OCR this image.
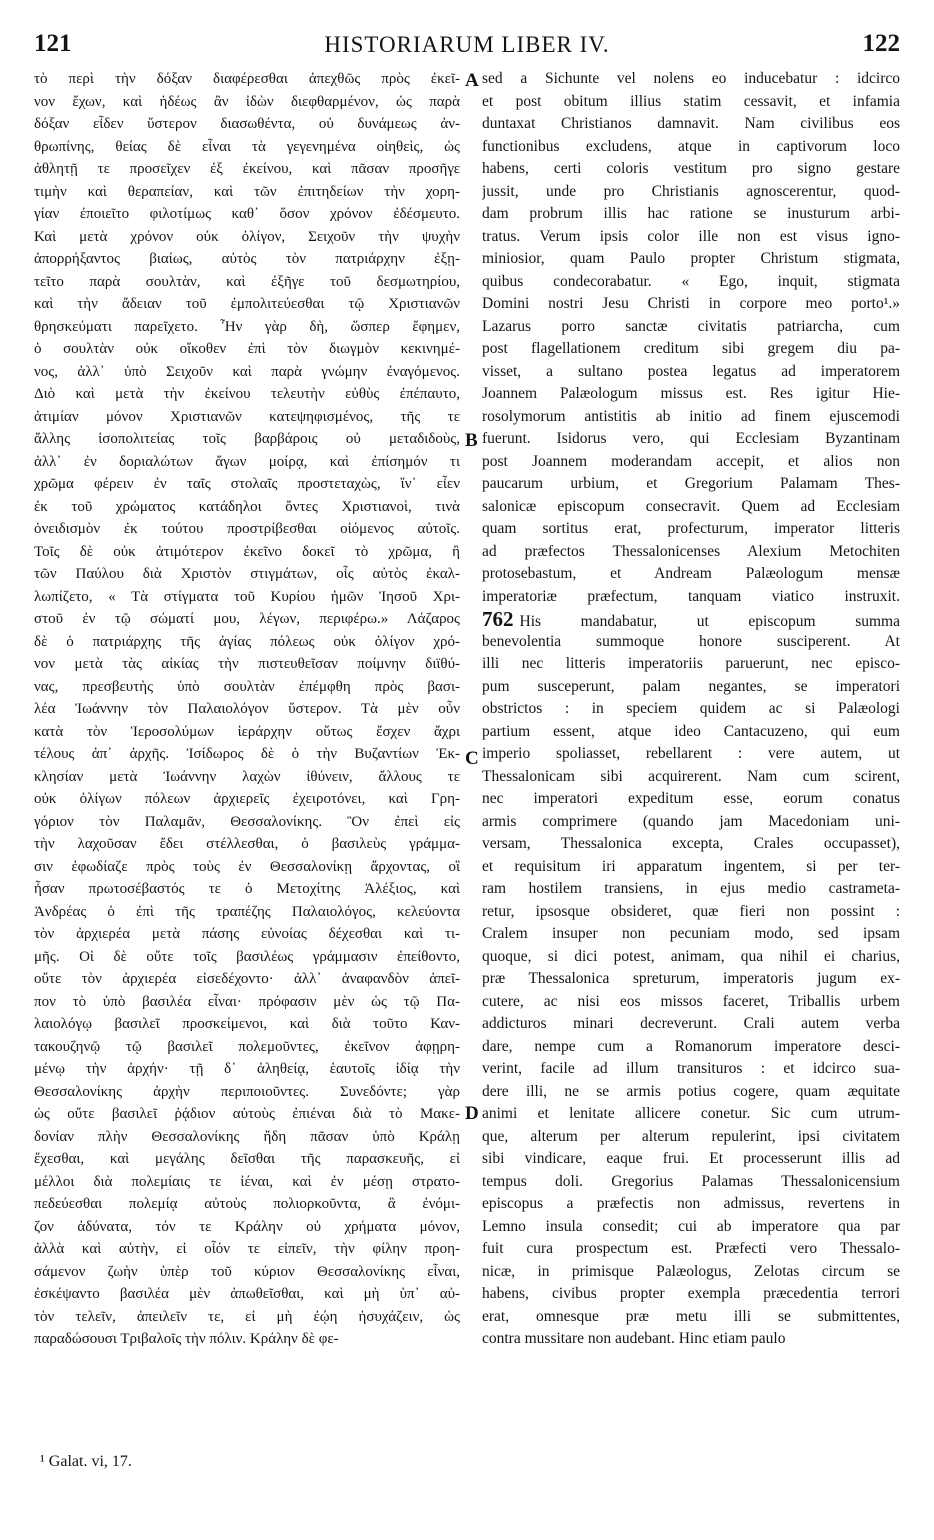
121	HISTORIARUM LIBER IV.	122
τὸ περὶ τὴν δόξαν διαφέρεσθαι ἀπεχθῶς πρὸς ἐκεῖ-
νον ἔχων, καὶ ἡδέως ἂν ἰδὼν διεφθαρμένον, ὡς παρὰ
δόξαν εἶδεν ὕστερον διασωθέντα, οὐ δυνάμεως ἀν-
θρωπίνης, θείας δὲ εἶναι τὰ γεγενημένα οἰηθεὶς, ὡς
ἀθλητῇ τε προσεῖχεν ἐξ ἐκείνου, καὶ πᾶσαν προσῆγε
τιμὴν καὶ θεραπείαν, καὶ τῶν ἐπιτηδείων τὴν χορη-
γίαν ἐποιεῖτο φιλοτίμως καθ᾽ ὅσον χρόνον ἐδέσμευτο.
Καὶ μετὰ χρόνον οὐκ ὀλίγον, Σειχοῦν τὴν ψυχὴν
ἀπορρήξαντος βιαίως, αὐτὸς τὸν πατριάρχην ἐξῃ-
τεῖτο παρὰ σουλτὰν, καὶ ἐξῆγε τοῦ δεσμωτηρίου,
καὶ τὴν ἄδειαν τοῦ ἐμπολιτεύεσθαι τῷ Χριστιανῶν
θρησκεύματι παρεῖχετο. Ἦν γὰρ δὴ, ὥσπερ ἔφημεν,
ὁ σουλτὰν οὐκ οἴκοθεν ἐπὶ τὸν διωγμὸν κεκινημέ-
νος, ἀλλ᾽ ὑπὸ Σειχοῦν καὶ παρὰ γνώμην ἐναγόμενος.
Διὸ καὶ μετὰ τὴν ἐκείνου τελευτὴν εὐθὺς ἐπέπαυτο,
ἀτιμίαν μόνον Χριστιανῶν κατεψηφισμένος, τῆς τε
ἄλλης ἰσοπολιτείας τοῖς βαρβάροις οὐ μεταδιδοὺς,
ἀλλ᾽ ἐν δοριαλώτων ἄγων μοίρᾳ, καὶ ἐπίσημόν τι
χρῶμα φέρειν ἐν ταῖς στολαῖς προστεταχὼς, ἵν᾽ εἶεν
ἐκ τοῦ χρώματος κατάδηλοι ὄντες Χριστιανοὶ, τινὰ
ὀνειδισμὸν ἐκ τούτου προστρίβεσθαι οἰόμενος αὐτοῖς.
Τοῖς δὲ οὐκ ἀτιμότερον ἐκεῖνο δοκεῖ τὸ χρῶμα, ἢ
τῶν Παύλου διὰ Χριστὸν στιγμάτων, οἷς αὐτὸς ἐκαλ-
λωπίζετο, « Τὰ στίγματα τοῦ Κυρίου ἡμῶν Ἰησοῦ Χρι-
στοῦ ἐν τῷ σώματί μου, λέγων, περιφέρω.» Λάζαρος
δὲ ὁ πατριάρχης τῆς ἁγίας πόλεως οὐκ ὀλίγον χρό-
νον μετὰ τὰς αἰκίας τὴν πιστευθεῖσαν ποίμνην διϊθύ-
νας, πρεσβευτὴς ὑπὸ σουλτὰν ἐπέμφθη πρὸς βασι-
λέα Ἰωάννην τὸν Παλαιολόγον ὕστερον. Τὰ μὲν οὖν
κατὰ τὸν Ἱεροσολύμων ἱεράρχην οὕτως ἔσχεν ἄχρι
τέλους ἀπ᾽ ἀρχῆς. Ἰσίδωρος δὲ ὁ τὴν Βυζαντίων Ἐκ-
κλησίαν μετὰ Ἰωάννην λαχὼν ἰθύνειν, ἄλλους τε
οὐκ ὀλίγων πόλεων ἀρχιερεῖς ἐχειροτόνει, καὶ Γρη-
γόριον τὸν Παλαμᾶν, Θεσσαλονίκης. Ὃν ἐπεὶ εἰς
τὴν λαχοῦσαν ἔδει στέλλεσθαι, ὁ βασιλεὺς γράμμα-
σιν ἐφωδίαζε πρὸς τοὺς ἐν Θεσσαλονίκῃ ἄρχοντας, οἳ
ἦσαν πρωτοσέβαστός τε ὁ Μετοχίτης Ἀλέξιος, καὶ
Ἀνδρέας ὁ ἐπὶ τῆς τραπέζης Παλαιολόγος, κελεύοντα
τὸν ἀρχιερέα μετὰ πάσης εὐνοίας δέχεσθαι καὶ τι-
μῆς. Οἱ δὲ οὔτε τοῖς βασιλέως γράμμασιν ἐπείθοντο,
οὔτε τὸν ἀρχιερέα εἰσεδέχοντο· ἀλλ᾽ ἀναφανδὸν ἀπεῖ-
πον τὸ ὑπὸ βασιλέα εἶναι· πρόφασιν μὲν ὡς τῷ Πα-
λαιολόγῳ βασιλεῖ προσκείμενοι, καὶ διὰ τοῦτο Καν-
τακουζηνῷ τῷ βασιλεῖ πολεμοῦντες, ἐκεῖνον ἀφῃρη-
μένῳ τὴν ἀρχήν· τῇ δ᾽ ἀληθείᾳ, ἑαυτοῖς ἰδίᾳ τὴν
Θεσσαλονίκης ἀρχὴν περιποιοῦντες. Συνεδόντε; γὰρ
ὡς οὔτε βασιλεῖ ῥᾴδιον αὐτοὺς ἐπιέναι διὰ τὸ Μακε-
δονίαν πλὴν Θεσσαλονίκης ἤδη πᾶσαν ὑπὸ Κράλῃ
ἔχεσθαι, καὶ μεγάλης δεῖσθαι τῆς παρασκευῆς, εἰ
μέλλοι διὰ πολεμίαις τε ἰέναι, καὶ ἐν μέσῃ στρατο-
πεδεύεσθαι πολεμίᾳ αὐτοὺς πολιορκοῦντα, ἃ ἐνόμι-
ζον ἀδύνατα, τόν τε Κράλην οὐ χρήματα μόνον,
ἀλλὰ καὶ αὐτὴν, εἰ οἷόν τε εἰπεῖν, τὴν φίλην προη-
σάμενον ζωὴν ὑπὲρ τοῦ κύριον Θεσσαλονίκης εἶναι,
ἐσκέψαντο βασιλέα μὲν ἀπωθεῖσθαι, καὶ μὴ ὑπ᾽ αὐ-
τὸν τελεῖν, ἀπειλεῖν τε, εἰ μὴ ἐῴη ἡσυχάζειν, ὡς
παραδώσουσι Τριβαλοῖς τὴν πόλιν. Κράλην δὲ φε-
A
B
C
D
sed a Sichunte vel nolens eo inducebatur : idcirco
et post obitum illius statim cessavit, et infamia
duntaxat Christianos damnavit. Nam civilibus eos
functionibus excludens, atque in captivorum loco
habens, certi coloris vestitum pro signo gestare
jussit, unde pro Christianis agnoscerentur, quod-
dam probrum illis hac ratione se inusturum arbi-
tratus. Verum ipsis color ille non est visus igno-
miniosior, quam Paulo propter Christum stigmata,
quibus condecorabatur. « Ego, inquit, stigmata
Domini nostri Jesu Christi in corpore meo porto¹.»
Lazarus porro sanctæ civitatis patriarcha, cum
post flagellationem creditum sibi gregem diu pa-
visset, a sultano postea legatus ad imperatorem
Joannem Palæologum missus est. Res igitur Hie-
rosolymorum antistitis ab initio ad finem ejuscemodi
fuerunt. Isidorus vero, qui Ecclesiam Byzantinam
post Joannem moderandam accepit, et alios non
paucarum urbium, et Gregorium Palamam Thes-
salonicæ episcopum consecravit. Quem ad Ecclesiam
quam sortitus erat, profecturum, imperator litteris
ad præfectos Thessalonicenses Alexium Metochiten
protosebastum, et Andream Palæologum mensæ
imperatoriæ præfectum, tanquam viatico instruxit.
762 His mandabatur, ut episcopum summa
benevolentia summoque honore susciperent. At
illi nec litteris imperatoriis paruerunt, nec episco-
pum susceperunt, palam negantes, se imperatori
obstrictos : in speciem quidem ac si Palæologi
partium essent, atque ideo Cantacuzeno, qui eum
imperio spoliasset, rebellarent : vere autem, ut
Thessalonicam sibi acquirerent. Nam cum scirent,
nec imperatori expeditum esse, eorum conatus
armis comprimere (quando jam Macedoniam uni-
versam, Thessalonica excepta, Crales occupasset),
et requisitum iri apparatum ingentem, si per ter-
ram hostilem transiens, in ejus medio castrameta-
retur, ipsosque obsideret, quæ fieri non possint :
Cralem insuper non pecuniam modo, sed ipsam
quoque, si dici potest, animam, qua nihil ei charius,
præ Thessalonica spreturum, imperatoris jugum ex-
cutere, ac nisi eos missos faceret, Triballis urbem
addicturos minari decreverunt. Crali autem verba
dare, nempe cum a Romanorum imperatore desci-
verint, facile ad illum transituros : et idcirco sua-
dere illi, ne se armis potius cogere, quam æquitate
animi et lenitate allicere conetur. Sic cum utrum-
que, alterum per alterum repulerint, ipsi civitatem
sibi vindicare, eaque frui. Et processerunt illis ad
tempus doli. Gregorius Palamas Thessalonicensium
episcopus a præfectis non admissus, revertens in
Lemno insula consedit; cui ab imperatore qua par
fuit cura prospectum est. Præfecti vero Thessalo-
nicæ, in primisque Palæologus, Zelotas circum se
habens, civibus propter exempla præcedentia terrori
erat, omnesque præ metu illi se submittentes,
contra mussitare non audebant. Hinc etiam paulo
¹ Galat. vi, 17.
